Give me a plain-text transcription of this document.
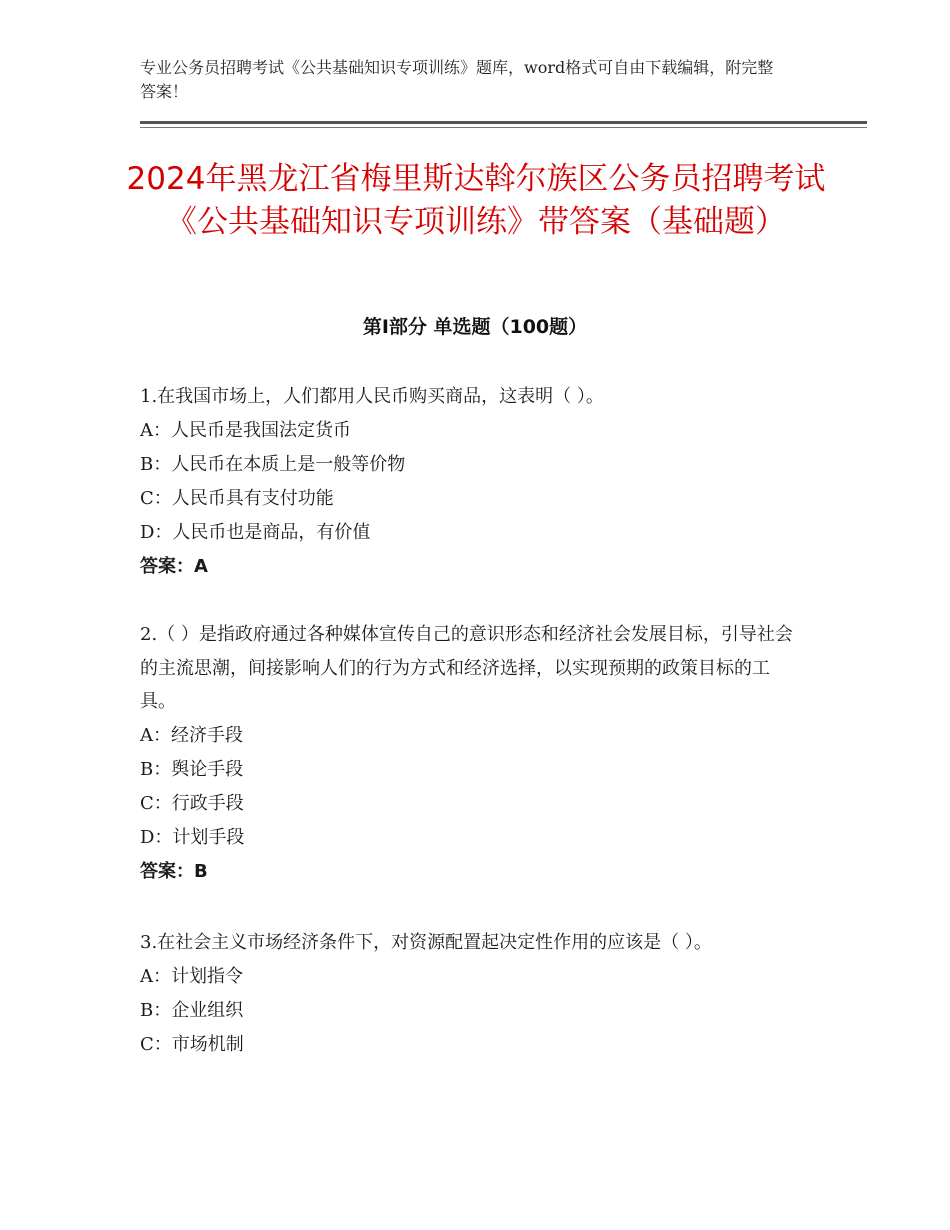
专业公务员招聘考试《公共基础知识专项训练》题库，word格式可自由下载编辑，附完整答案！
2024年黑龙江省梅里斯达斡尔族区公务员招聘考试《公共基础知识专项训练》带答案（基础题）
第I部分 单选题（100题）

1.在我国市场上，人们都用人民币购买商品，这表明（ ）。

A：人民币是我国法定货币

B：人民币在本质上是一般等价物

C：人民币具有支付功能

D：人民币也是商品，有价值

答案：A

2.（ ）是指政府通过各种媒体宣传自己的意识形态和经济社会发展目标，引导社会的主流思潮，间接影响人们的行为方式和经济选择，以实现预期的政策目标的工具。

A：经济手段

B：舆论手段

C：行政手段

D：计划手段

答案：B

3.在社会主义市场经济条件下，对资源配置起决定性作用的应该是（ ）。

A：计划指令

B：企业组织

C：市场机制
